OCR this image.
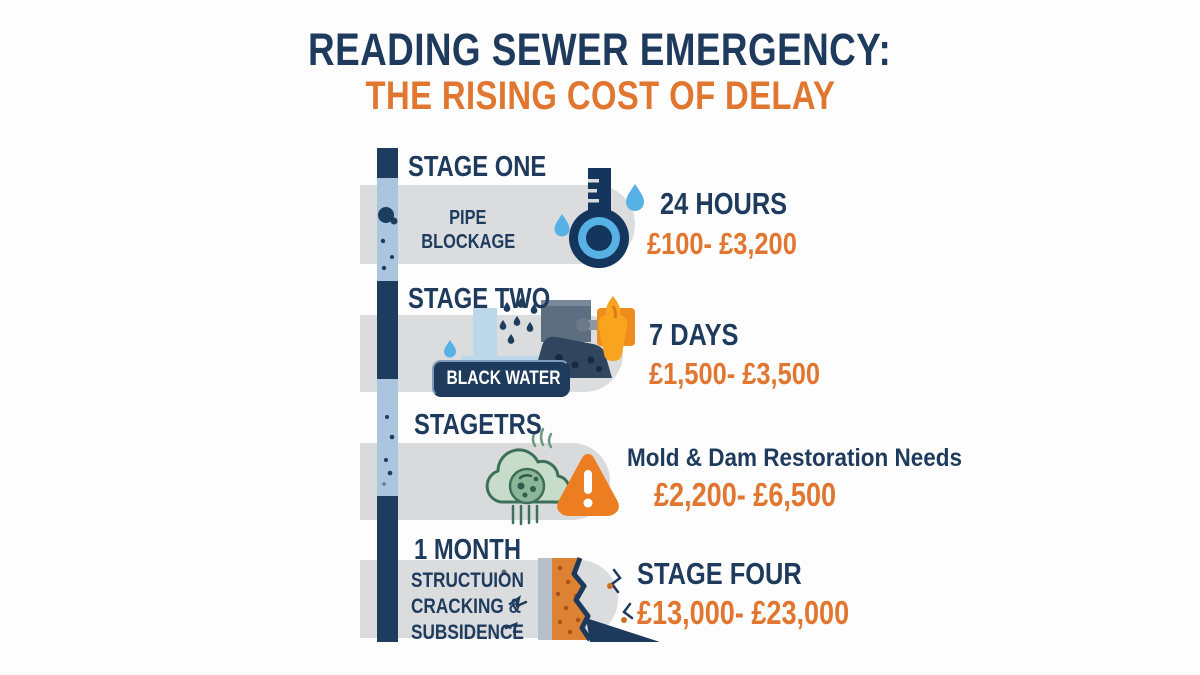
READING SEWER EMERGENCY:
THE RISING COST OF DELAY
STAGE ONE
PIPE
BLOCKAGE
24 HOURS
£100- £3,200
STAGE TWO
BLACK WATER
7 DAYS
£1,500- £3,500
STAGETRS
Mold & Dam Restoration Needs
£2,200- £6,500
1 MONTH
STRUCTUION
CRACKING &
SUBSIDENCE
STAGE FOUR
£13,000- £23,000
